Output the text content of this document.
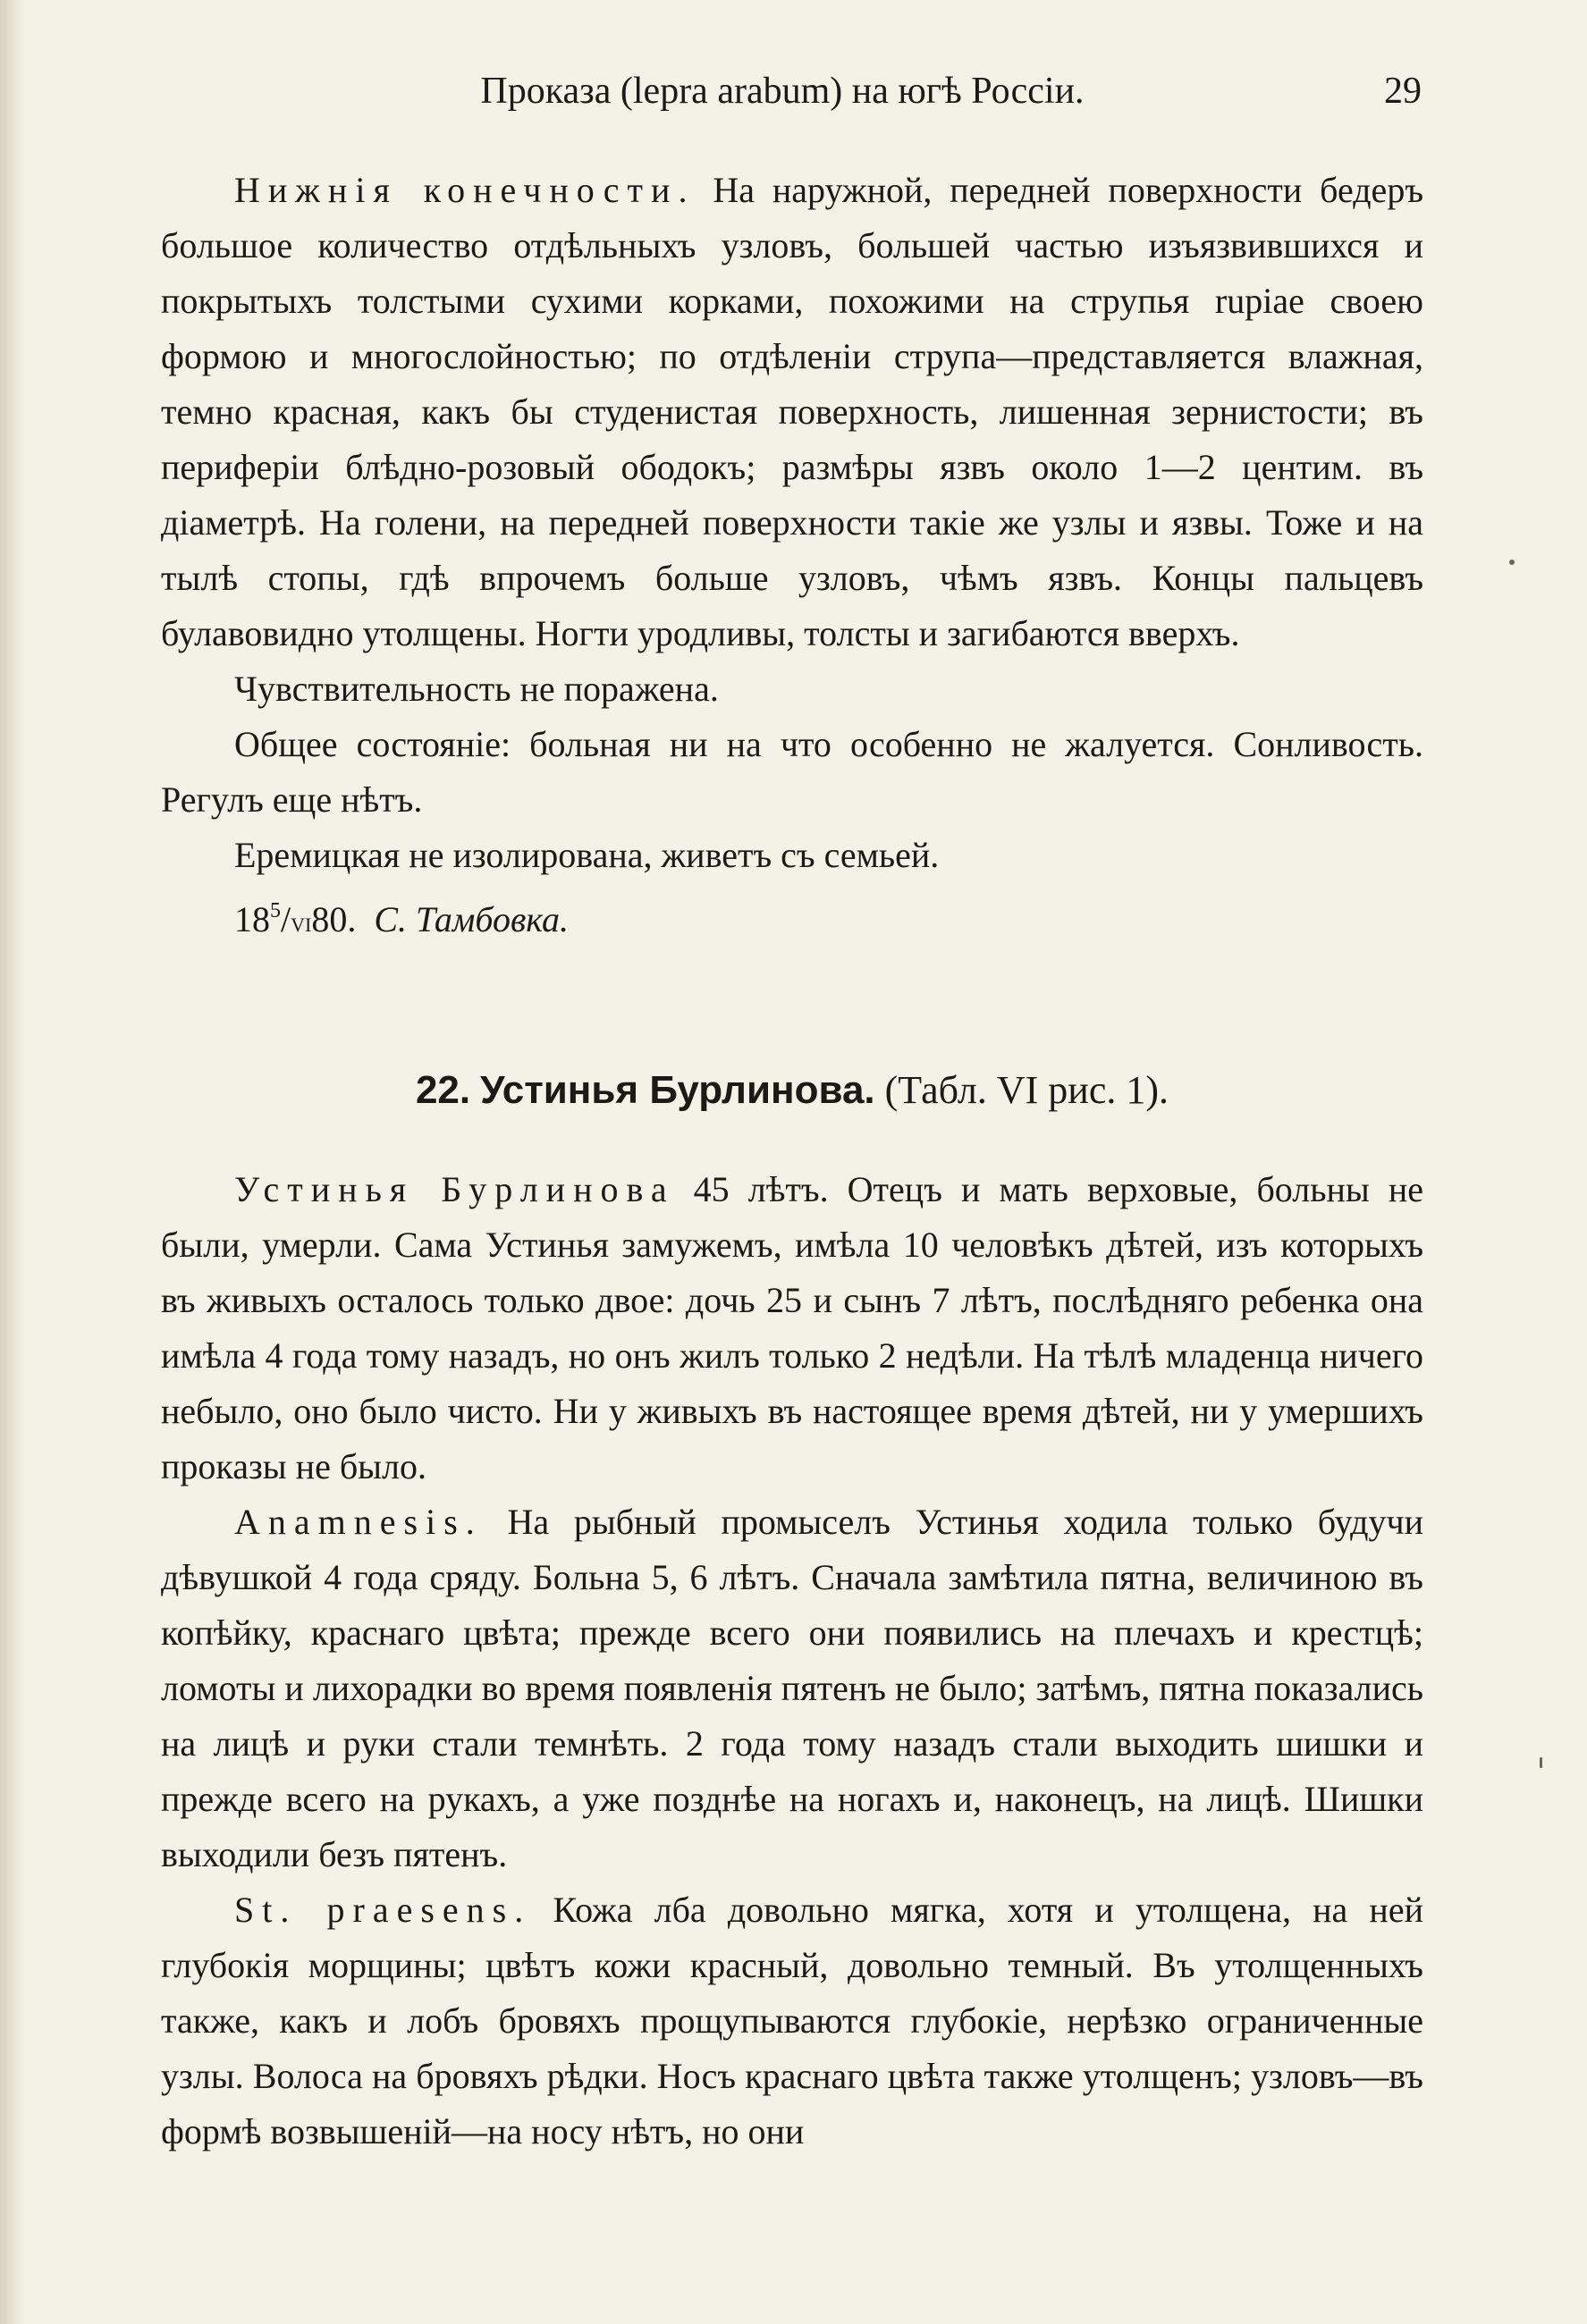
Проказа (lepra arabum) на югѣ Россіи.	29

Нижнія конечности. На наружной, передней поверхности бедеръ большое количество отдѣльныхъ узловъ, большей частью изъязвившихся и покрытыхъ толстыми сухими корками, похожими на струпья rupiae своею формою и многослойностью; по отдѣленіи струпа—представляется влажная, темно красная, какъ бы студенистая поверхность, лишенная зернистости; въ периферіи блѣдно-розовый ободокъ; размѣры язвъ около 1—2 центим. въ діаметрѣ. На голени, на передней поверхности такіе же узлы и язвы. Тоже и на тылѣ стопы, гдѣ впрочемъ больше узловъ, чѣмъ язвъ. Концы пальцевъ булавовидно утолщены. Ногти уродливы, толсты и загибаются вверхъ.

Чувствительность не поражена.

Общее состояніе: больная ни на что особенно не жалуется. Сонливость. Регулъ еще нѣтъ.

Еремицкая не изолирована, живетъ съ семьей.

$18^5/VI80$. С. Тамбовка.
22. Устинья Бурлинова. (Табл. VI рис. 1).

Устинья Бурлинова 45 лѣтъ. Отецъ и мать верховые, больны не были, умерли. Сама Устинья замужемъ, имѣла 10 человѣкъ дѣтей, изъ которыхъ въ живыхъ осталось только двое: дочь 25 и сынъ 7 лѣтъ, послѣдняго ребенка она имѣла 4 года тому назадъ, но онъ жилъ только 2 недѣли. На тѣлѣ младенца ничего небыло, оно было чисто. Ни у живыхъ въ настоящее время дѣтей, ни у умершихъ проказы не было.

Anamnesis. На рыбный промыселъ Устинья ходила только будучи дѣвушкой 4 года сряду. Больна 5, 6 лѣтъ. Сначала замѣтила пятна, величиною въ копѣйку, краснаго цвѣта; прежде всего они появились на плечахъ и крестцѣ; ломоты и лихорадки во время появленія пятенъ не было; затѣмъ, пятна показались на лицѣ и руки стали темнѣть. 2 года тому назадъ стали выходить шишки и прежде всего на рукахъ, а уже позднѣе на ногахъ и, наконецъ, на лицѣ. Шишки выходили безъ пятенъ.

St. praesens. Кожа лба довольно мягка, хотя и утолщена, на ней глубокія морщины; цвѣтъ кожи красный, довольно темный. Въ утолщенныхъ также, какъ и лобъ бровяхъ прощупываются глубокіе, нерѣзко ограниченные узлы. Волоса на бровяхъ рѣдки. Носъ краснаго цвѣта также утолщенъ; узловъ—въ формѣ возвышеній—на носу нѣтъ, но они
